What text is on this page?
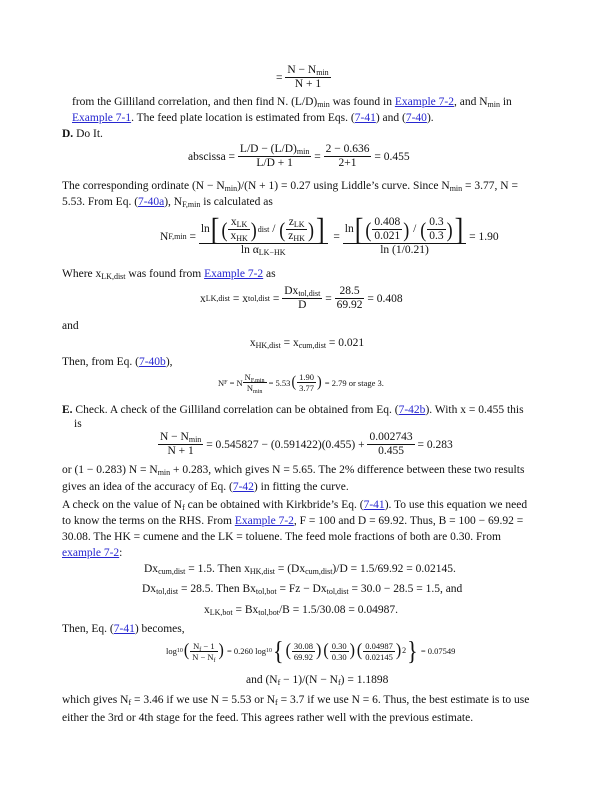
=
$\frac{N - N_{min}}{N + 1}$
from the Gilliland correlation, and then find N. $(L/D)_{min}$ was found in Example 7-2, and $N_{min}$ in
Example 7-1. The feed plate location is estimated from Eqs. (7-41) and (7-40).
D. Do It.
abscissa =
$\frac{L/D - (L/D)_{min}}{L/D + 1}$
=
$\frac{2 - 0.636}{2+1}$
= 0.455
The corresponding ordinate $(N - N_{min})/(N + 1) = 0.27$ using Liddle’s curve. Since $N_{min} = 3.77$, N =
5.53. From Eq. (7-40a), $N_{F,min}$ is calculated as
N F,min
=

ln [ ( $\frac{x_{LK}}{x_{HK}}$ ) dist
/
( $\frac{z_{LK}}{z_{HK}}$ ) ]
$\ln \alpha_{LK-HK}$

=

ln [ ( $\frac{0.408}{0.021}$ )
/
( $\frac{0.3}{0.3}$ ) ]
ln (1/0.21)

= 1.90
Where $x_{LK,dist}$ was found from Example 7-2 as
x LK,dist
= x tol,dist
=
$\frac{Dx_{tol,dist}}{D}$
=
$\frac{28.5}{69.92}$
= 0.408
and
$x_{HK,dist} = x_{cum,dist} = 0.021$
Then, from Eq. (7-40b),
N F
= N $\frac{N_{F,min}}{N_{min}}$
= 5.53 ( $\frac{1.90}{3.77}$ )
= 2.79 or stage 3.
E. Check. A check of the Gilliland correlation can be obtained from Eq. (7-42b). With x = 0.455 this
is
$\frac{N - N_{min}}{N + 1}$
= 0.545827 − (0.591422)(0.455) +
$\frac{0.002743}{0.455}$
= 0.283
or (1 − 0.283) $N = N_{min} + 0.283$, which gives N = 5.65. The 2% difference between these two results
gives an idea of the accuracy of Eq. (7-42) in fitting the curve.
A check on the value of $N_f$ can be obtained with Kirkbride’s Eq. (7-41). To use this equation we need
to know the terms on the RHS. From Example 7-2, F = 100 and D = 69.92. Thus, B = 100 − 69.92 =
30.08. The HK = cumene and the LK = toluene. The feed mole fractions of both are 0.30. From
example 7-2:
$Dx_{cum,dist} = 1.5$. Then $x_{HK,dist} = (Dx_{cum,dist})/D = 1.5/69.92 = 0.02145$.
$Dx_{tol,dist} = 28.5$. Then $Bx_{tol,bot} = Fz - Dx_{tol,dist} = 30.0 - 28.5 = 1.5$, and
$x_{LK,bot} = Bx_{tol,bot}/B = 1.5/30.08 = 0.04987$.
Then, Eq. (7-41) becomes,
log 10 ( $\frac{N_f - 1}{N - N_f}$ )
= 0.260 log 10 { ( $\frac{30.08}{69.92}$ ) ( $\frac{0.30}{0.30}$ ) ( $\frac{0.04987}{0.02145}$ ) 2 }
= 0.07549
and $(N_f - 1)/(N - N_f) = 1.1898$
which gives $N_f = 3.46$ if we use N = 5.53 or $N_f = 3.7$ if we use N = 6. Thus, the best estimate is to use
either the 3rd or 4th stage for the feed. This agrees rather well with the previous estimate.
